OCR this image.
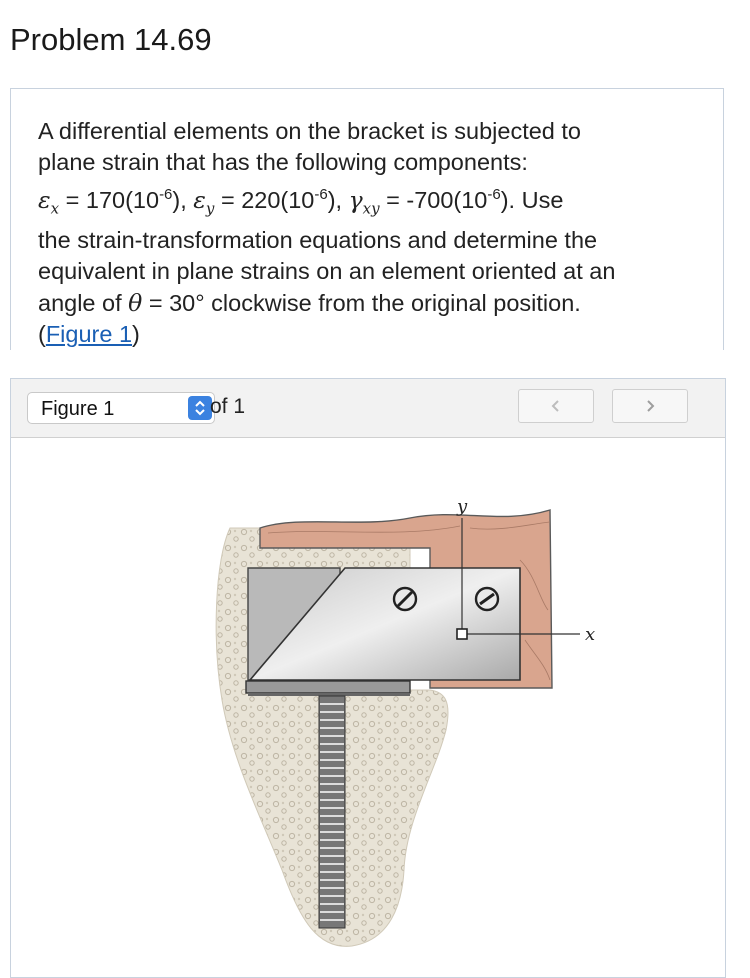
Problem 14.69
A differential elements on the bracket is subjected to
plane strain that has the following components:
$\varepsilon_x = 170(10^{-6})$, $\varepsilon_y = 220(10^{-6})$, $\gamma_{xy} = -700(10^{-6})$. Use
the strain-transformation equations and determine the
equivalent in plane strains on an element oriented at an
angle of θ = 30° clockwise from the original position.
(Figure 1)
Figure 1	of 1
y
x
